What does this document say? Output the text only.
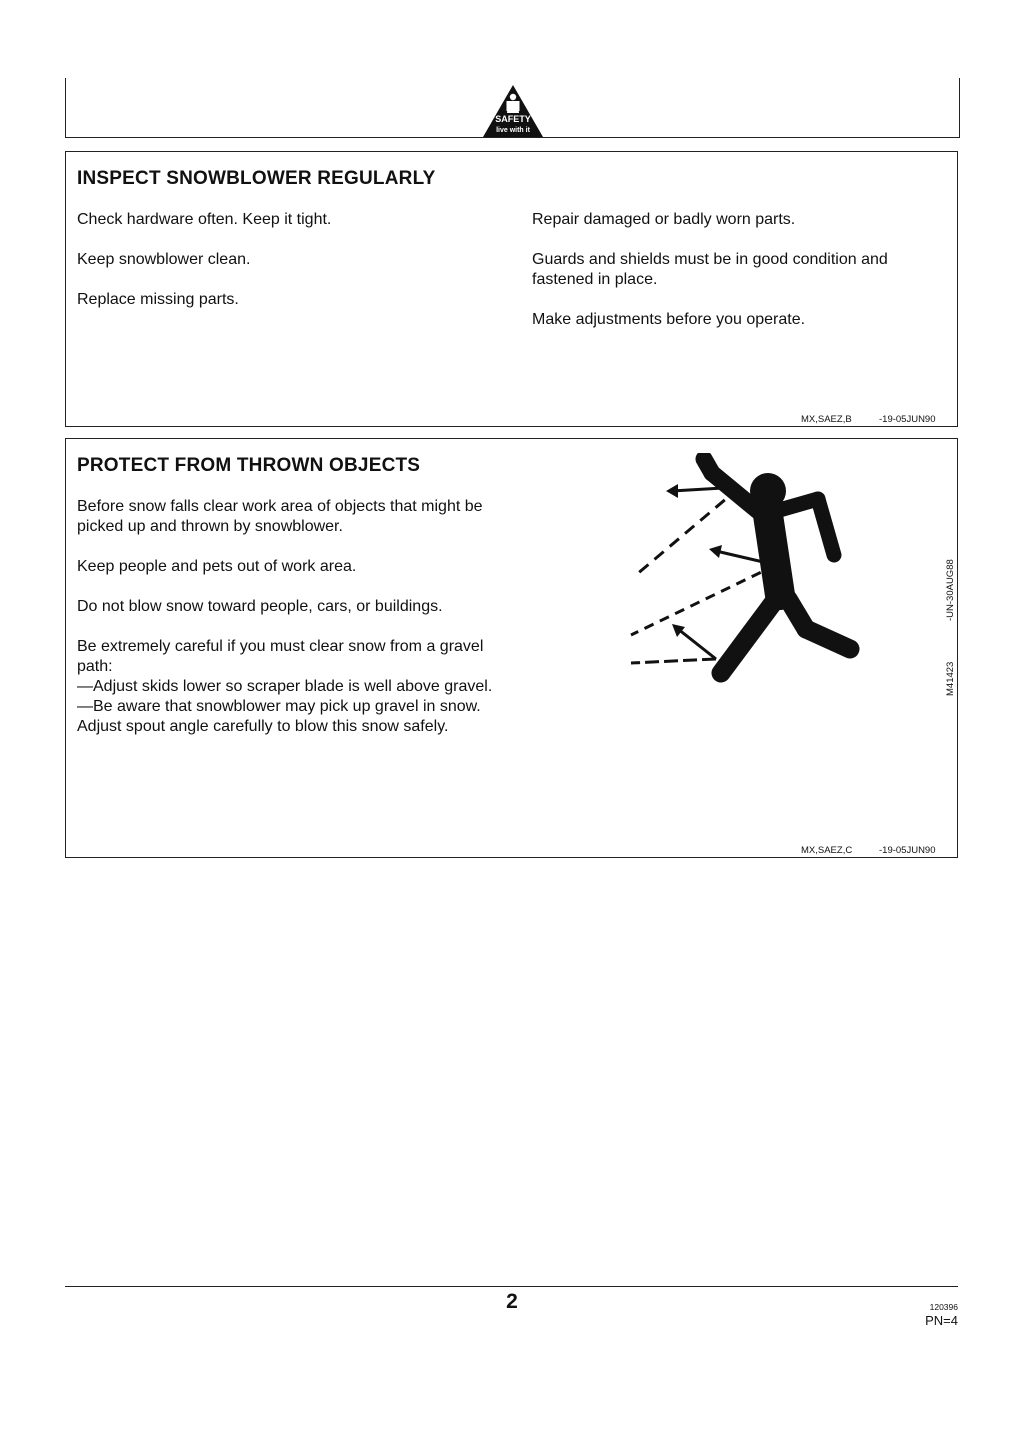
SAFETY
live with it
INSPECT SNOWBLOWER REGULARLY

Check hardware often. Keep it tight.

Keep snowblower clean.

Replace missing parts.

Repair damaged or badly worn parts.

Guards and shields must be in good condition and fastened in place.

Make adjustments before you operate.

MX,SAEZ,B	-19-05JUN90
PROTECT FROM THROWN OBJECTS

Before snow falls clear work area of objects that might be picked up and thrown by snowblower.

Keep people and pets out of work area.

Do not blow snow toward people, cars, or buildings.

Be extremely careful if you must clear snow from a gravel path:
—Adjust skids lower so scraper blade is well above gravel.
—Be aware that snowblower may pick up gravel in snow. Adjust spout angle carefully to blow this snow safely.

-UN-30AUG88
M41423
MX,SAEZ,C	-19-05JUN90
2	120396
PN=4
